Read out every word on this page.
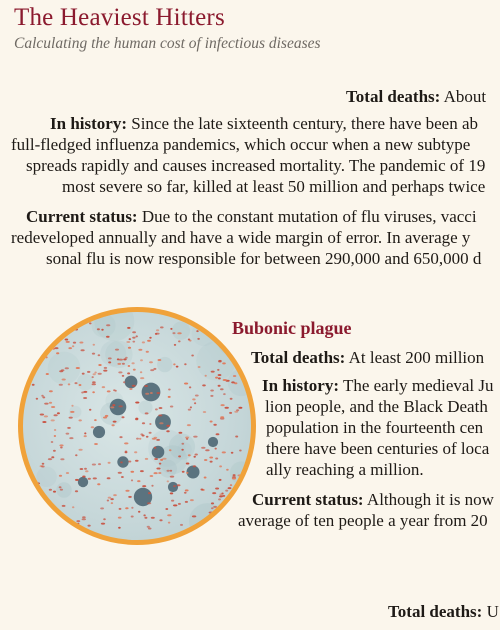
The Heaviest Hitters
Calculating the human cost of infectious diseases
Total deaths: About
In history: Since the late sixteenth century, there have been ab
full-fledged influenza pandemics, which occur when a new subtype
spreads rapidly and causes increased mortality. The pandemic of 19
most severe so far, killed at least 50 million and perhaps twice
Current status: Due to the constant mutation of flu viruses, vacci
redeveloped annually and have a wide margin of error. In average y
sonal flu is now responsible for between 290,000 and 650,000 d
Bubonic plague
Total deaths: At least 200 million
In history: The early medieval Ju
lion people, and the Black Death
population in the fourteenth cen
there have been centuries of loca
ally reaching a million.
Current status: Although it is now
average of ten people a year from 20
Total deaths: U
